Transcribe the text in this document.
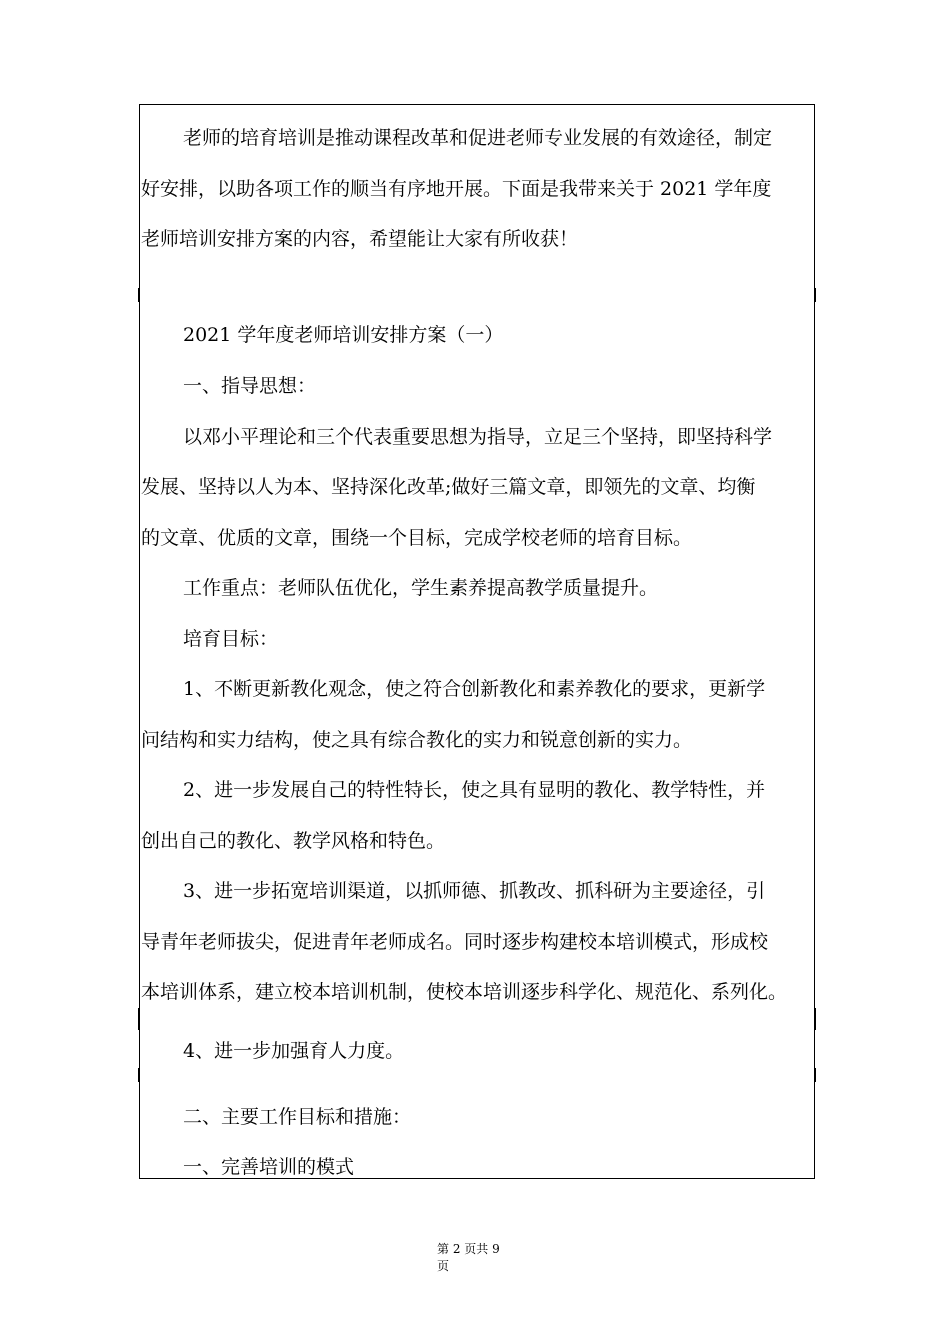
老师的培育培训是推动课程改革和促进老师专业发展的有效途径，制定
好安排，以助各项工作的顺当有序地开展。下面是我带来关于 2021 学年度
老师培训安排方案的内容，希望能让大家有所收获！
2021 学年度老师培训安排方案（一）
一、指导思想：
以邓小平理论和三个代表重要思想为指导，立足三个坚持，即坚持科学
发展、坚持以人为本、坚持深化改革;做好三篇文章，即领先的文章、均衡
的文章、优质的文章，围绕一个目标，完成学校老师的培育目标。
工作重点：老师队伍优化，学生素养提高教学质量提升。
培育目标：
1、不断更新教化观念，使之符合创新教化和素养教化的要求，更新学
问结构和实力结构，使之具有综合教化的实力和锐意创新的实力。
2、进一步发展自己的特性特长，使之具有显明的教化、教学特性，并
创出自己的教化、教学风格和特色。
3、进一步拓宽培训渠道，以抓师德、抓教改、抓科研为主要途径，引
导青年老师拔尖，促进青年老师成名。同时逐步构建校本培训模式，形成校
本培训体系，建立校本培训机制，使校本培训逐步科学化、规范化、系列化。
4、进一步加强育人力度。
二、主要工作目标和措施：
一、完善培训的模式
第 2 页共 9
页
